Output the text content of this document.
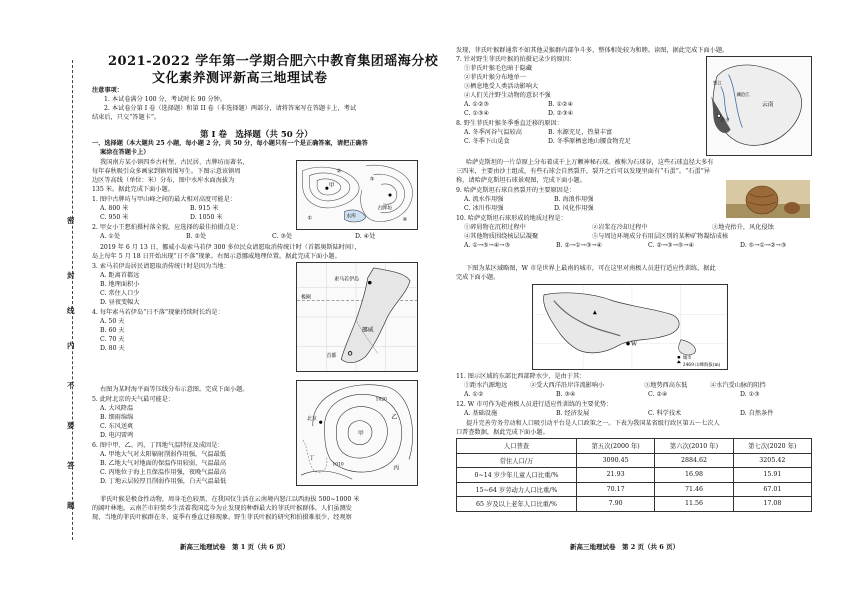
密
封
线
内
不
要
答
题
2021-2022 学年第一学期合肥六中教育集团瑶海分校
文化素养测评新高三地理试卷
注意事项：
1. 本试卷满分 100 分，考试时长 90 分钟。
2. 本试卷分第 I 卷（选择题）和第 II 卷（非选择题）两部分，请将答案写在答题卡上，考试
结束后，只交“答题卡”。
第 I 卷　选择题（共 50 分）
一、选择题（本大题共 25 小题，每小题 2 分，共 50 分，每小题只有一个是正确答案，请把正确答
案涂在答题卡上）
我国南方某小镇四乡古村堡、古民居、古牌坊而著名，
每年春秋吸引众多画家到镇周围写生。下图示意该镇周
边区等高线（单位：米）分布，图中水库水面海拔为
135 米。据此完成下面小题。
1. 图中古牌坊与甲山峰之间的最大相对高度可能是：
A. 800 米	B. 915 米
C. 950 米	D. 1050 米
2. 甲女小王想拍摄村落全貌，应选择的最佳拍摄点是：
A. ①处	B. ②处	C. ③处	D. ④处
甲
古牌坊
水库
①
②
③
④
2019 年 6 月 13 日，挪威小岛索马若伊 300 多位民众请愿取消传统计时（首都奥斯陆时间），
岛上每年 5 月 18 日开始出现“日不落”现象。右图示意挪威地理位置。据此完成下面小题。
3. 索马若伊岛居民请愿取消传统计时是因为当地：
A. 距离首都远
B. 地理面积小
C. 常住人口少
D. 昼夜变幅大
4. 每年索马若伊岛“日不落”现象持续时长约是：
A. 50 天
B. 60 天
C. 70 天
D. 80 天
挪威
索马若伊岛
首都
极圈
右图为某时海平面等压线分布示意图。完成下面小题。
5. 此时北京的天气最可能是：
A. 大风降温
B. 细雨绵绵
C. 东风送爽
D. 电闪雷鸣
6. 图中甲、乙、丙、丁四地气温特征及成因是：
A. 甲地大气对太阳辐射削弱作用强，气温最低
B. 乙地大气对地面的保温作用较弱，气温最高
C. 丙地位于海上且保温作用强，夜晚气温最高
D. 丁地云层较厚且削弱作用强，白天气温最低
甲
乙
丙
丁
北京
1020
1010
菲氏叶猴是极食性动物，周身毛色较黑，在我国仅生活在云南境内怒江以西海拔 500~1000 米
的阔叶林地。云南芒市轩简乡生活着我国迄今为止发现的种群最大的菲氏叶猴群体。人们虽测发
现，当地的菲氏叶猴群在冬、夏季有垂直迁移现象。野生菲氏叶猴的研究和拍摄难很少，经观察
新高三地理试卷　第 1 页（共 6 页）
发现，菲氏叶猴群通常不如其他灵猴群内部争斗多，整体相处较为和睦。读图，据此完成下面小题。
7. 针对野生菲氏叶猴的拍摄记录少的原因：
①菲氏叶猴毛色暗于隐藏
②菲氏叶猴分布地单一
③栖息地受人类活动影响大
④人们关注野生动物的意识不强
A. ①②③	B. ①②④
C. ①③④	D. ②③④
8. 野生菲氏叶猴冬季垂直迁移的原因：
A. 冬季河谷气温较高	B. 水源充足，热量丰富
C. 冬季下山觅食	D. 冬季原栖息地山腰食物充足
芒市
怒江
澜沧江
云南
哈萨克斯坦的一片草原上分布着成千上万颗神秘石球。被称为石球谷，这些石球直径大多有
三四米，主要由沙土组成，有些石球会自然裂开，裂开之后可以发现里面有“石蛋”。“石蛋”异
称，请哈萨克斯坦石球景观图，完成下面小题。
9. 哈萨克斯坦石球自然裂开的主要原因是：
A. 流水作用强	B. 海浪作用强
C. 冰川作用强	D. 风化作用强
10. 哈萨克斯坦石球形成的地质过程是：
①碎屑物在沉积过程中	②岩浆在冷却过程中	③地壳抬升，风化侵蚀
④其他物质围绕核层层凝聚	⑤与周边环境成分有用层区别的某种矿物凝结成核
A. ①→⑤→④→③	B. ②→①→③→④	C. ②→③→⑤→④	D. ⑤→①→②→③
下图为某区域略图，W 市是世界上最南的城市，可在这里对南极人员进行适应性训练，据此
完成下面小题。
W
城市
2469 山峰海拔(m)
11. 图示区域的东部比西部降水少，是由于其：
①距水汽源地远	②受大西洋沿岸洋流影响小	③地势西高东低	④水汽受山脉的阻挡
A. ①②	B. ③④	C. ②④	D. ①③
12. W 市可作为赴南极人员进行适应性训练的主要优势：
A. 基础设施	B. 经济发展	C. 科学技术	D. 自然条件
提升完善劳务劳动和人口吸引动平台是人口政策之一。下表为我国某省级行政区第五～七次人
口普查数据，据此完成下面小题。
人口普查	第五次(2000 年)	第六次(2010 年)	第七次(2020 年)
常住人口/万	3090.45	2884.62	3205.42
0~14 岁少年儿童人口比重/%	21.93	16.98	15.91
15~64 岁劳动力人口比重/%	70.17	71.46	67.01
65 岁及以上老年人口比重/%	7.90	11.56	17.08
新高三地理试卷　第 2 页（共 6 页）
